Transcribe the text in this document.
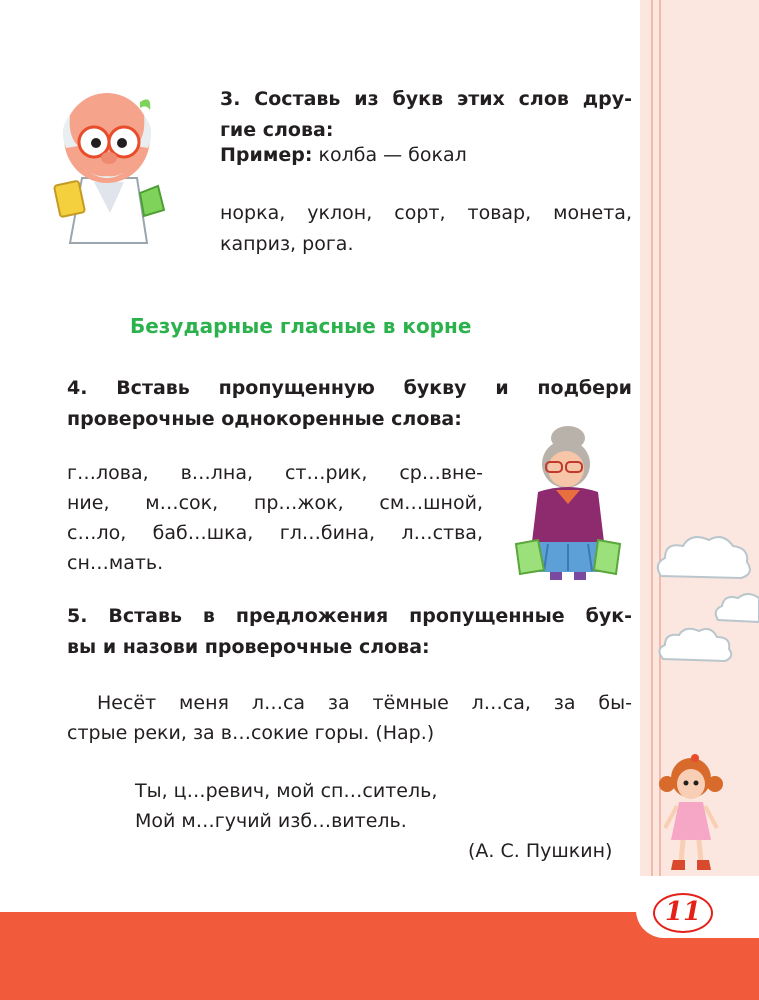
11

3. Составь из букв этих слов дру-

гие слова:

Пример: колба — бокал

норка, уклон, сорт, товар, монета,

каприз, рога.

Безударные гласные в корне

4. Вставь пропущенную букву и подбери

проверочные однокоренные слова:

г…лова, в…лна, ст…рик, ср…вне-

ние, м…сок, пр…жок, см…шной,

с…ло, баб…шка, гл…бина, л…ства,

сн…мать.

5. Вставь в предложения пропущенные бук-

вы и назови проверочные слова:

Несёт меня л…са за тёмные л…са, за бы-

стрые реки, за в…сокие горы. (Нар.)

Ты, ц…ревич, мой сп…ситель,

Мой м…гучий изб…витель.

(А. С. Пушкин)
